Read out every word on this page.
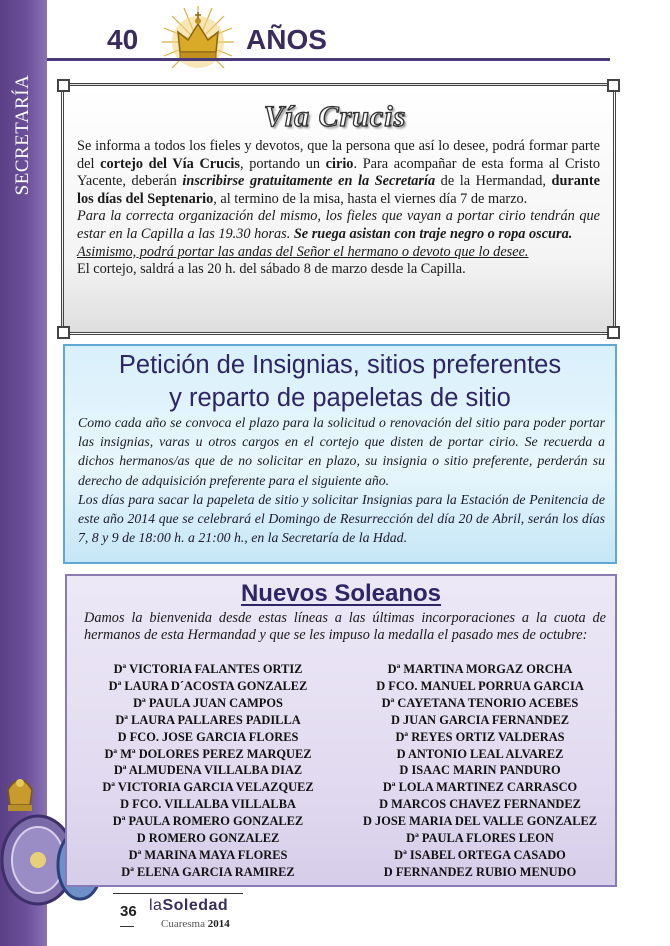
SECRETARÍA
40	AÑOS
Vía Crucis

Se informa a todos los fieles y devotos, que la persona que así lo desee, podrá formar parte del cortejo del Vía Crucis, portando un cirio. Para acompañar de esta forma al Cristo Yacente, deberán inscribirse gratuitamente en la Secretaría de la Hermandad, durante los días del Septenario, al termino de la misa, hasta el viernes día 7 de marzo.

Para la correcta organización del mismo, los fieles que vayan a portar cirio tendrán que estar en la Capilla a las 19.30 horas. Se ruega asistan con traje negro o ropa oscura.

Asimismo, podrá portar las andas del Señor el hermano o devoto que lo desee.

El cortejo, saldrá a las 20 h. del sábado 8 de marzo desde la Capilla.

Petición de Insignias, sitios preferentes
y reparto de papeletas de sitio

Como cada año se convoca el plazo para la solicitud o renovación del sitio para poder portar las insignias, varas u otros cargos en el cortejo que disten de portar cirio. Se recuerda a dichos hermanos/as que de no solicitar en plazo, su insignia o sitio preferente, perderán su derecho de adquisición preferente para el siguiente año.

Los días para sacar la papeleta de sitio y solicitar Insignias para la Estación de Penitencia de este año 2014 que se celebrará el Domingo de Resurrección del día 20 de Abril, serán los días 7, 8 y 9 de 18:00 h. a 21:00 h., en la Secretaría de la Hdad.

Nuevos Soleanos
Damos la bienvenida desde estas líneas a las últimas incorporaciones a la cuota de hermanos de esta Hermandad y que se les impuso la medalla el pasado mes de octubre:
Dª VICTORIA FALANTES ORTIZ
Dª LAURA D´ACOSTA GONZALEZ
Dª PAULA JUAN CAMPOS
Dª LAURA PALLARES PADILLA
D FCO. JOSE GARCIA FLORES
Dª Mª DOLORES PEREZ MARQUEZ
Dª ALMUDENA VILLALBA DIAZ
Dª VICTORIA GARCIA VELAZQUEZ
D FCO. VILLALBA VILLALBA
Dª PAULA ROMERO GONZALEZ
D ROMERO GONZALEZ
Dª MARINA MAYA FLORES
Dª ELENA GARCIA RAMIREZ
Dª MARTINA MORGAZ ORCHA
D FCO. MANUEL PORRUA GARCIA
Dª CAYETANA TENORIO ACEBES
D JUAN GARCIA FERNANDEZ
Dª REYES ORTIZ VALDERAS
D ANTONIO LEAL ALVAREZ
D ISAAC MARIN PANDURO
Dª LOLA MARTINEZ CARRASCO
D MARCOS CHAVEZ FERNANDEZ
D JOSE MARIA DEL VALLE GONZALEZ
Dª PAULA FLORES LEON
Dª ISABEL ORTEGA CASADO
D FERNANDEZ RUBIO MENUDO
36 laSoledad
Cuaresma 2014
